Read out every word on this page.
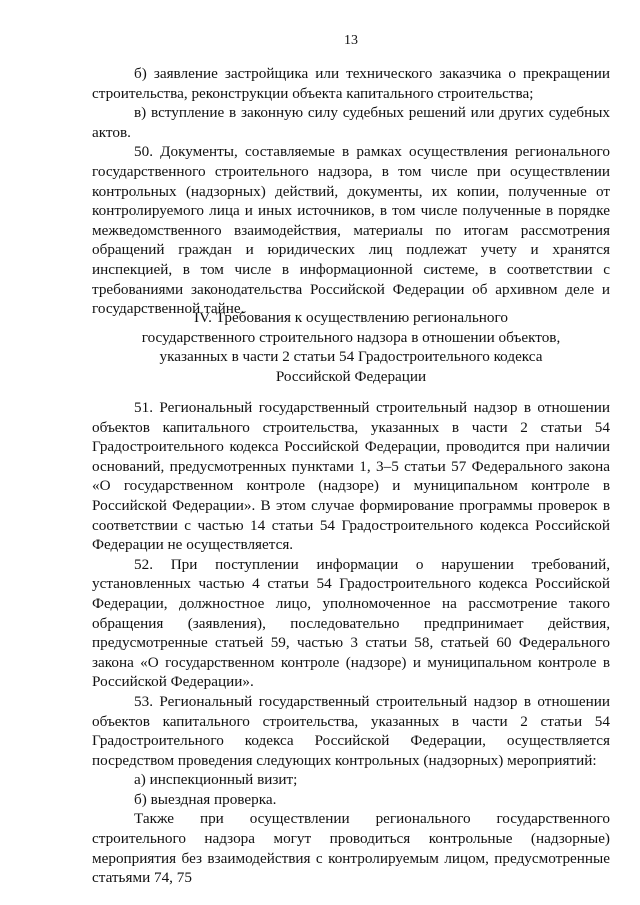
13

б) заявление застройщика или технического заказчика о прекращении строительства, реконструкции объекта капитального строительства;

в) вступление в законную силу судебных решений или других судебных актов.

50. Документы, составляемые в рамках осуществления регионального государственного строительного надзора, в том числе при осуществлении контрольных (надзорных) действий, документы, их копии, полученные от контролируемого лица и иных источников, в том числе полученные в порядке межведомственного взаимодействия, материалы по итогам рассмотрения обращений граждан и юридических лиц подлежат учету и хранятся инспекцией, в том числе в информационной системе, в соответствии с требованиями законодательства Российской Федерации об архивном деле и государственной тайне.

IV. Требования к осуществлению регионального
государственного строительного надзора в отношении объектов,
указанных в части 2 статьи 54 Градостроительного кодекса
Российской Федерации

51. Региональный государственный строительный надзор в отношении объектов капитального строительства, указанных в части 2 статьи 54 Градостроительного кодекса Российской Федерации, проводится при наличии оснований, предусмотренных пунктами 1, 3–5 статьи 57 Федерального закона «О государственном контроле (надзоре) и муниципальном контроле в Российской Федерации». В этом случае формирование программы проверок в соответствии с частью 14 статьи 54 Градостроительного кодекса Российской Федерации не осуществляется.

52. При поступлении информации о нарушении требований, установленных частью 4 статьи 54 Градостроительного кодекса Российской Федерации, должностное лицо, уполномоченное на рассмотрение такого обращения (заявления), последовательно предпринимает действия, предусмотренные статьей 59, частью 3 статьи 58, статьей 60 Федерального закона «О государственном контроле (надзоре) и муниципальном контроле в Российской Федерации».

53. Региональный государственный строительный надзор в отношении объектов капитального строительства, указанных в части 2 статьи 54 Градостроительного кодекса Российской Федерации, осуществляется посредством проведения следующих контрольных (надзорных) мероприятий:

а) инспекционный визит;

б) выездная проверка.

Также при осуществлении регионального государственного строительного надзора могут проводиться контрольные (надзорные) мероприятия без взаимодействия с контролируемым лицом, предусмотренные статьями 74, 75
